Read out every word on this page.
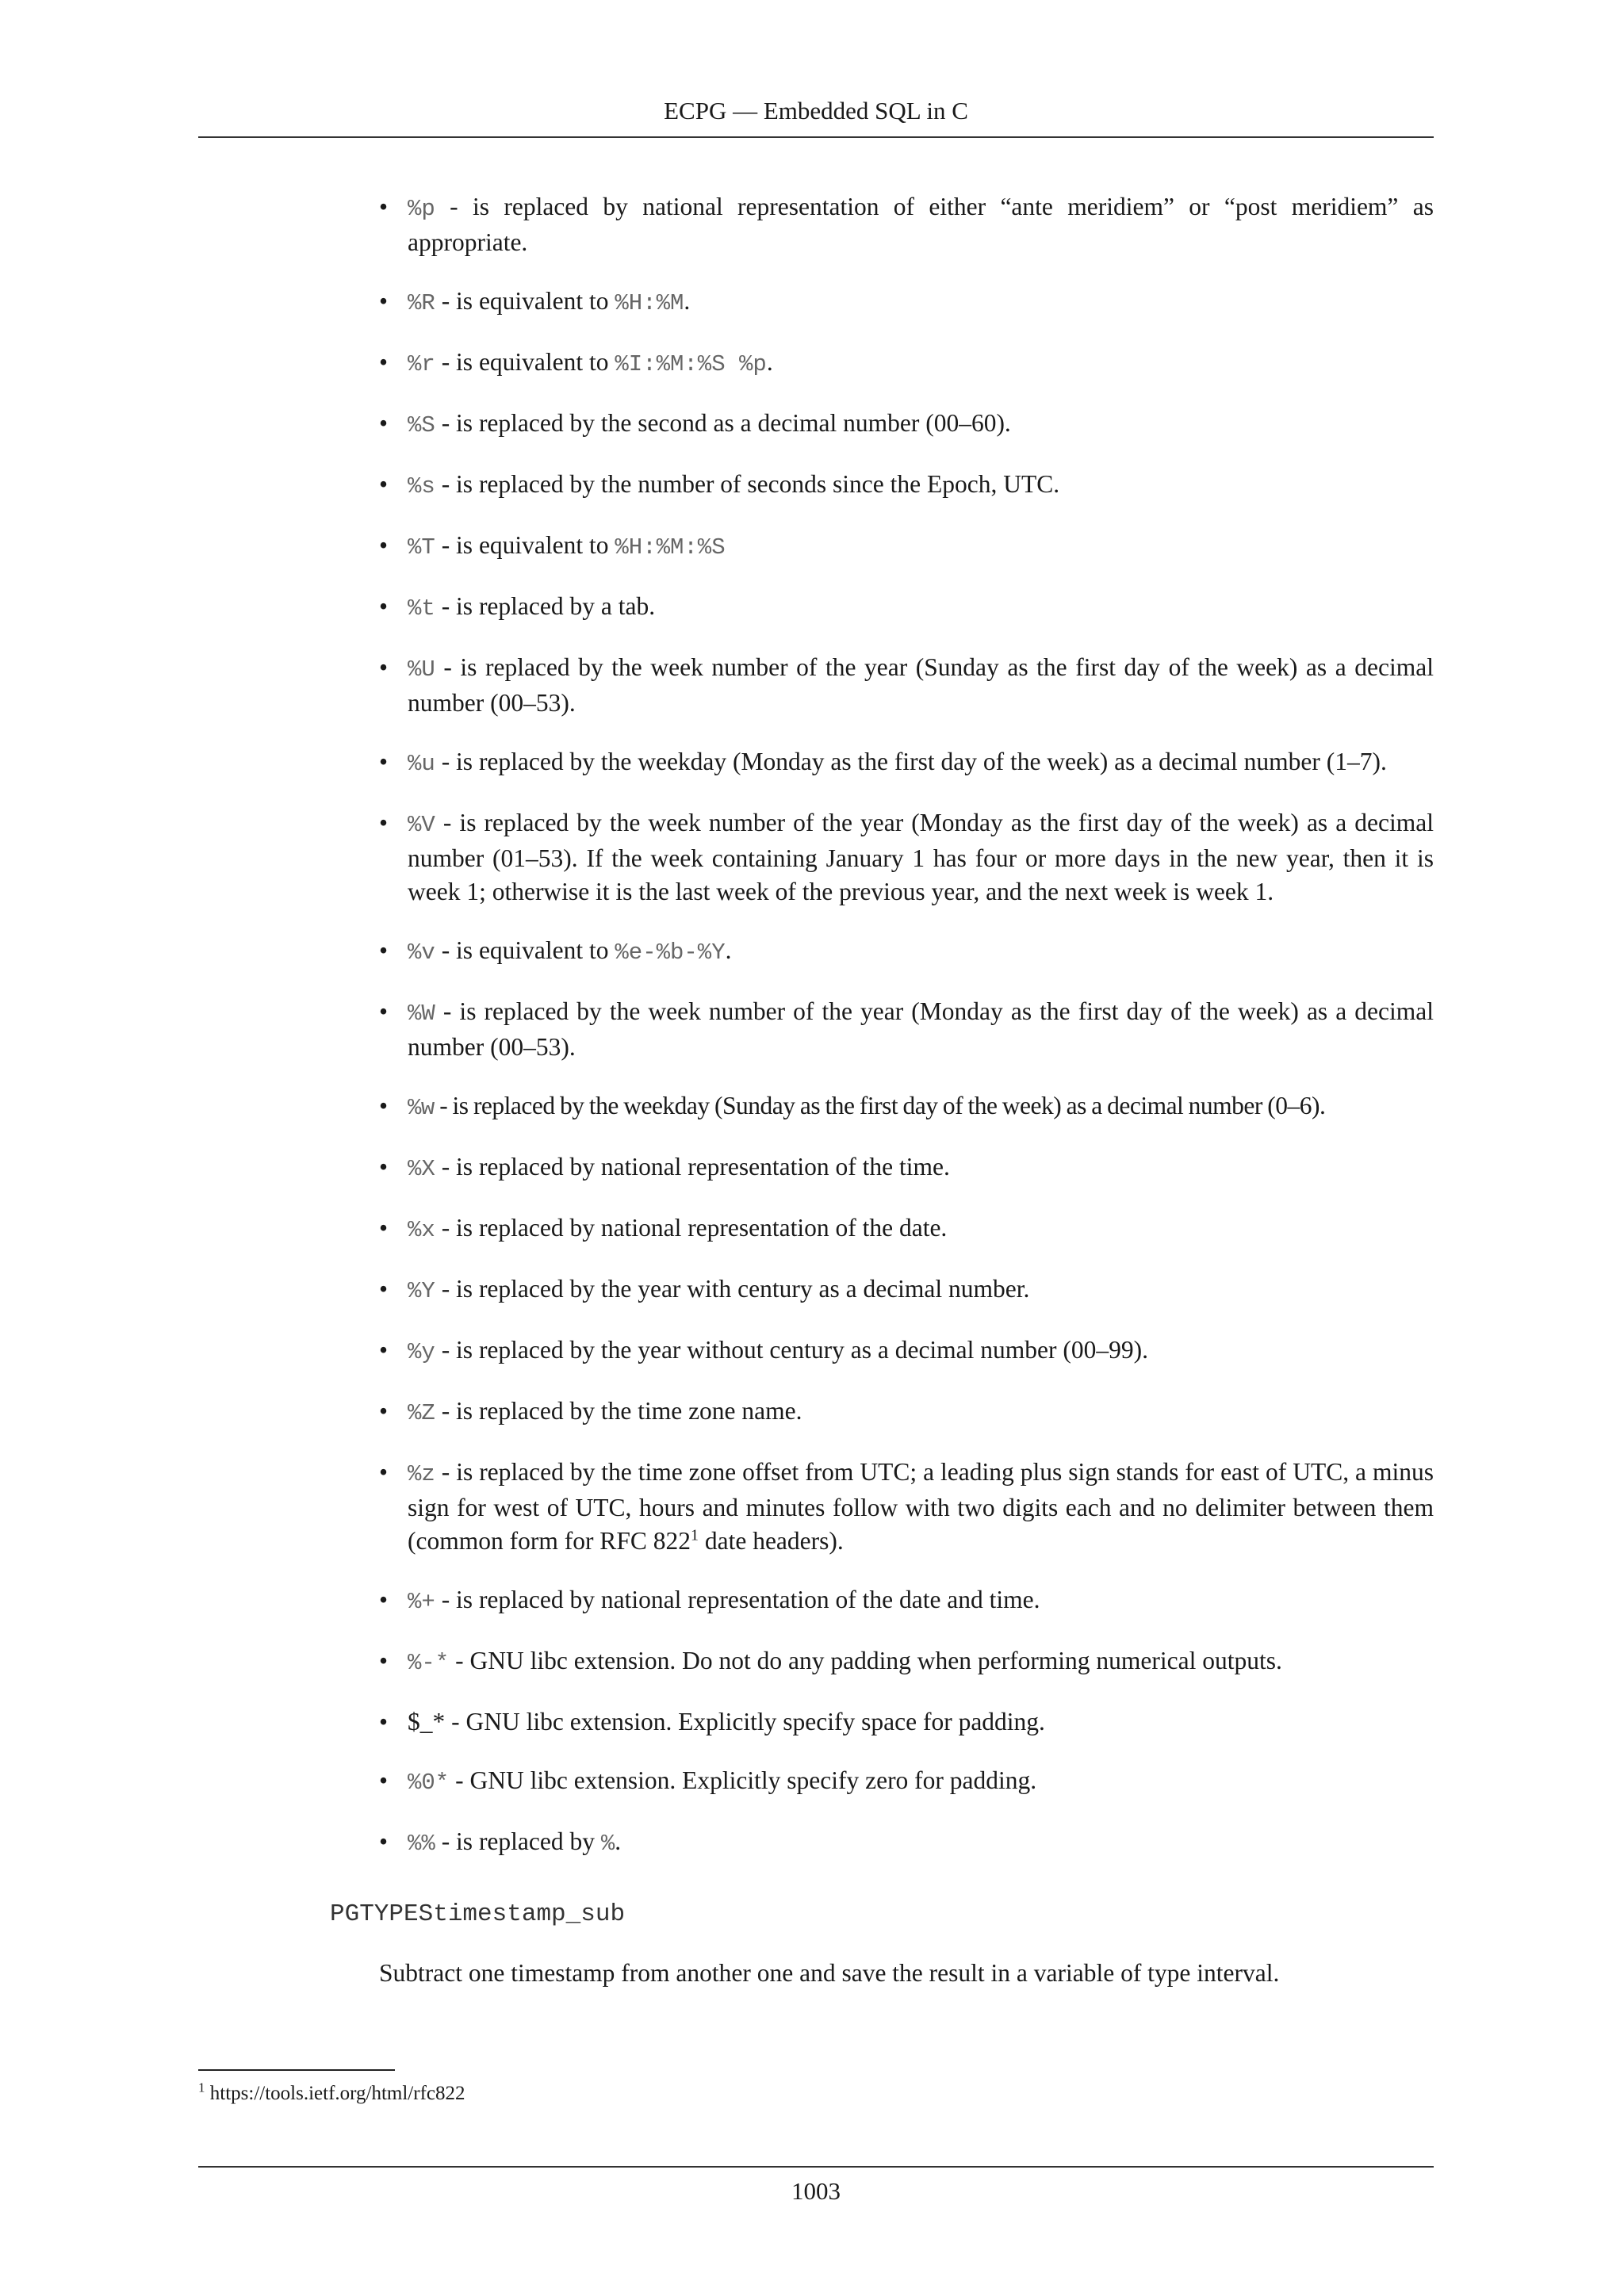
ECPG — Embedded SQL in C
• %p - is replaced by national representation of either “ante meridiem” or “post meridiem” as appropriate.
• %R - is equivalent to %H:%M.
• %r - is equivalent to %I:%M:%S %p.
• %S - is replaced by the second as a decimal number (00–60).
• %s - is replaced by the number of seconds since the Epoch, UTC.
• %T - is equivalent to %H:%M:%S
• %t - is replaced by a tab.
• %U - is replaced by the week number of the year (Sunday as the first day of the week) as a decimal number (00–53).
• %u - is replaced by the weekday (Monday as the first day of the week) as a decimal number (1–7).
• %V - is replaced by the week number of the year (Monday as the first day of the week) as a decimal number (01–53). If the week containing January 1 has four or more days in the new year, then it is week 1; otherwise it is the last week of the previous year, and the next week is week 1.
• %v - is equivalent to %e-%b-%Y.
• %W - is replaced by the week number of the year (Monday as the first day of the week) as a decimal number (00–53).
• %w - is replaced by the weekday (Sunday as the first day of the week) as a decimal number (0–6).
• %X - is replaced by national representation of the time.
• %x - is replaced by national representation of the date.
• %Y - is replaced by the year with century as a decimal number.
• %y - is replaced by the year without century as a decimal number (00–99).
• %Z - is replaced by the time zone name.
• %z - is replaced by the time zone offset from UTC; a leading plus sign stands for east of UTC, a minus sign for west of UTC, hours and minutes follow with two digits each and no delimiter between them (common form for RFC $822^1$ date headers).
• %+ - is replaced by national representation of the date and time.
• %-* - GNU libc extension. Do not do any padding when performing numerical outputs.
• $_* - GNU libc extension. Explicitly specify space for padding.
• %0* - GNU libc extension. Explicitly specify zero for padding.
• %% - is replaced by %.
PGTYPEStimestamp_sub
Subtract one timestamp from another one and save the result in a variable of type interval.
$^1$ https://tools.ietf.org/html/rfc822
1003
